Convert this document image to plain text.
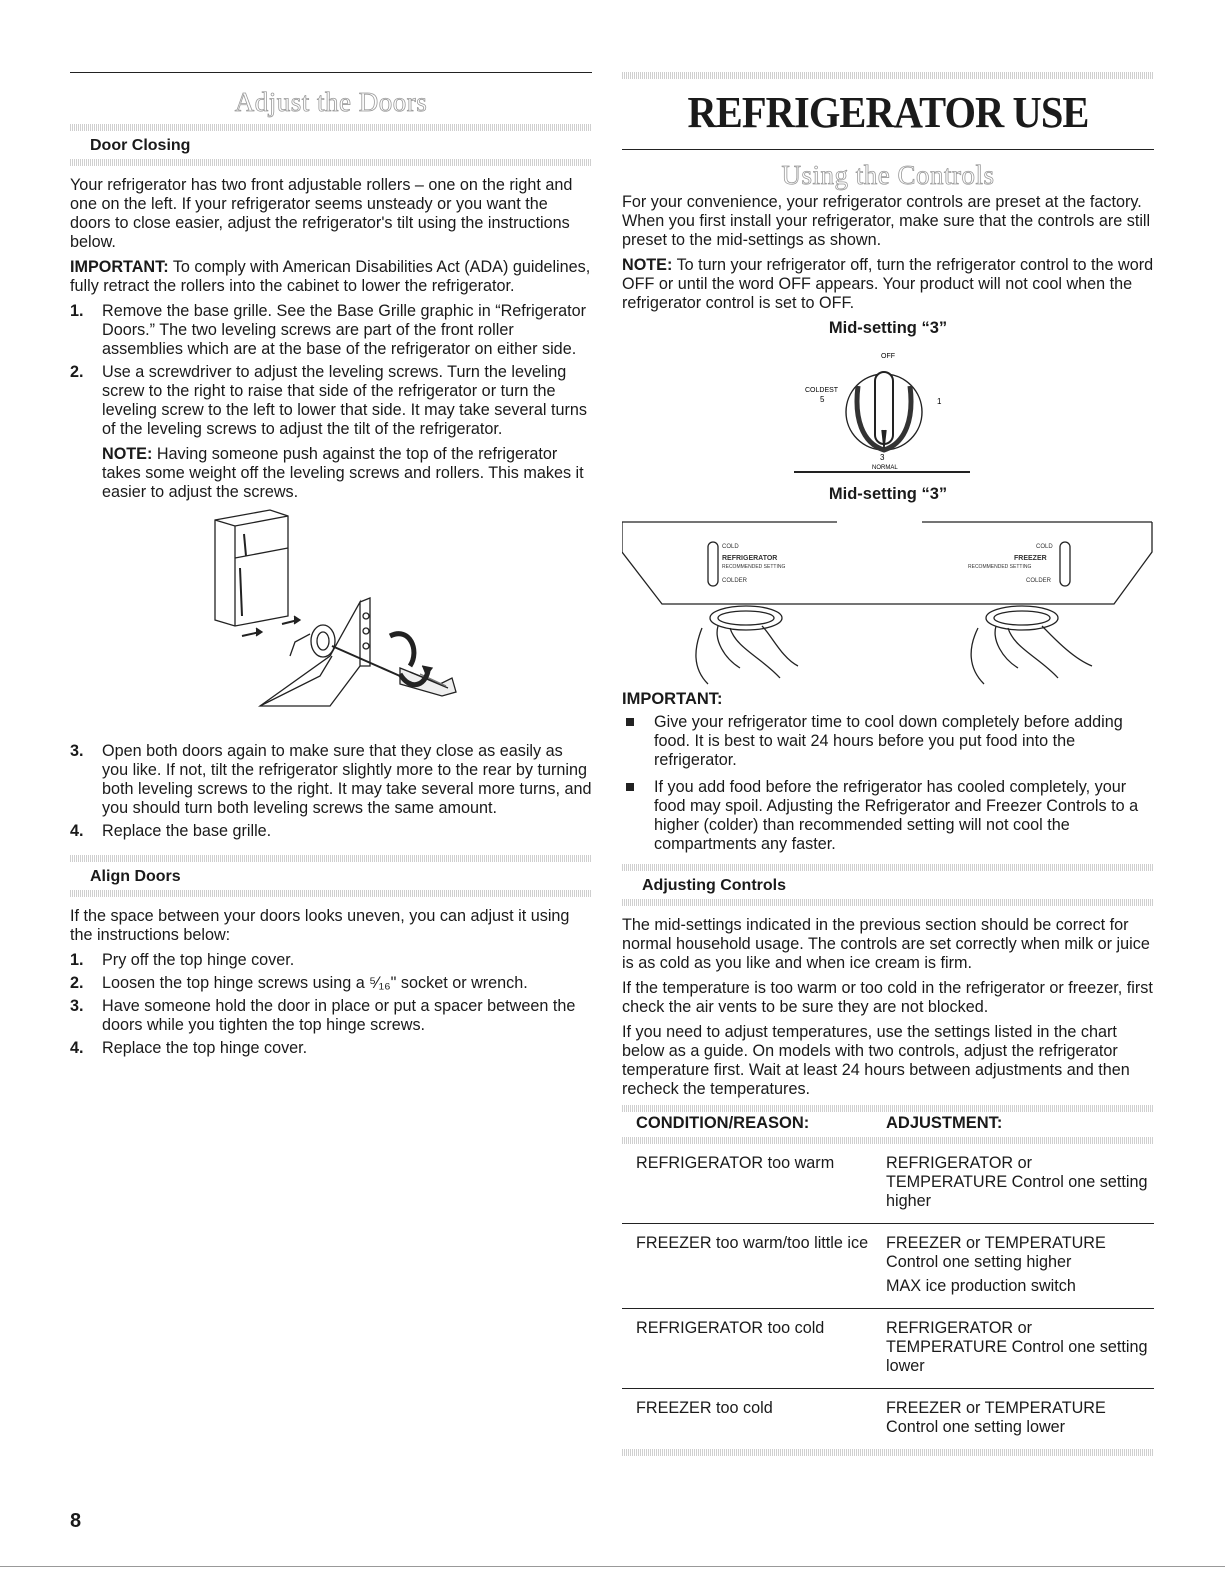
Adjust the Doors
Door Closing

Your refrigerator has two front adjustable rollers – one on the right and one on the left. If your refrigerator seems unsteady or you want the doors to close easier, adjust the refrigerator's tilt using the instructions below.

IMPORTANT: To comply with American Disabilities Act (ADA) guidelines, fully retract the rollers into the cabinet to lower the refrigerator.

1. Remove the base grille. See the Base Grille graphic in “Refrigerator Doors.” The two leveling screws are part of the front roller assemblies which are at the base of the refrigerator on either side.
2. Use a screwdriver to adjust the leveling screws. Turn the leveling screw to the right to raise that side of the refrigerator or turn the leveling screw to the left to lower that side. It may take several turns of the leveling screws to adjust the tilt of the refrigerator.
NOTE: Having someone push against the top of the refrigerator takes some weight off the leveling screws and rollers. This makes it easier to adjust the screws.
3. Open both doors again to make sure that they close as easily as you like. If not, tilt the refrigerator slightly more to the rear by turning both leveling screws to the right. It may take several more turns, and you should turn both leveling screws the same amount.
4. Replace the base grille.
Align Doors

If the space between your doors looks uneven, you can adjust it using the instructions below:

1. Pry off the top hinge cover.
2. Loosen the top hinge screws using a ⁵⁄₁₆" socket or wrench.
3. Have someone hold the door in place or put a spacer between the doors while you tighten the top hinge screws.
4. Replace the top hinge cover.
REFRIGERATOR USE
Using the Controls

For your convenience, your refrigerator controls are preset at the factory. When you first install your refrigerator, make sure that the controls are still preset to the mid-settings as shown.

NOTE: To turn your refrigerator off, turn the refrigerator control to the word OFF or until the word OFF appears. Your product will not cool when the refrigerator control is set to OFF.

Mid-setting “3”
OFF
COLDEST
5	1
3
NORMAL
Mid-setting “3”
COLD
REFRIGERATOR
RECOMMENDED SETTING
COLDER
COLD
FREEZER
RECOMMENDED SETTING
COLDER
IMPORTANT:
Give your refrigerator time to cool down completely before adding food. It is best to wait 24 hours before you put food into the refrigerator.
If you add food before the refrigerator has cooled completely, your food may spoil. Adjusting the Refrigerator and Freezer Controls to a higher (colder) than recommended setting will not cool the compartments any faster.
Adjusting Controls

The mid-settings indicated in the previous section should be correct for normal household usage. The controls are set correctly when milk or juice is as cold as you like and when ice cream is firm.

If the temperature is too warm or too cold in the refrigerator or freezer, first check the air vents to be sure they are not blocked.

If you need to adjust temperatures, use the settings listed in the chart below as a guide. On models with two controls, adjust the refrigerator temperature first. Wait at least 24 hours between adjustments and then recheck the temperatures.

CONDITION/REASON:	ADJUSTMENT:

REFRIGERATOR too warm	REFRIGERATOR or TEMPERATURE Control one setting higher
FREEZER too warm/too little ice	FREEZER or TEMPERATURE Control one setting higher
MAX ice production switch

REFRIGERATOR too cold	REFRIGERATOR or TEMPERATURE Control one setting lower
FREEZER too cold	FREEZER or TEMPERATURE Control one setting lower
8
